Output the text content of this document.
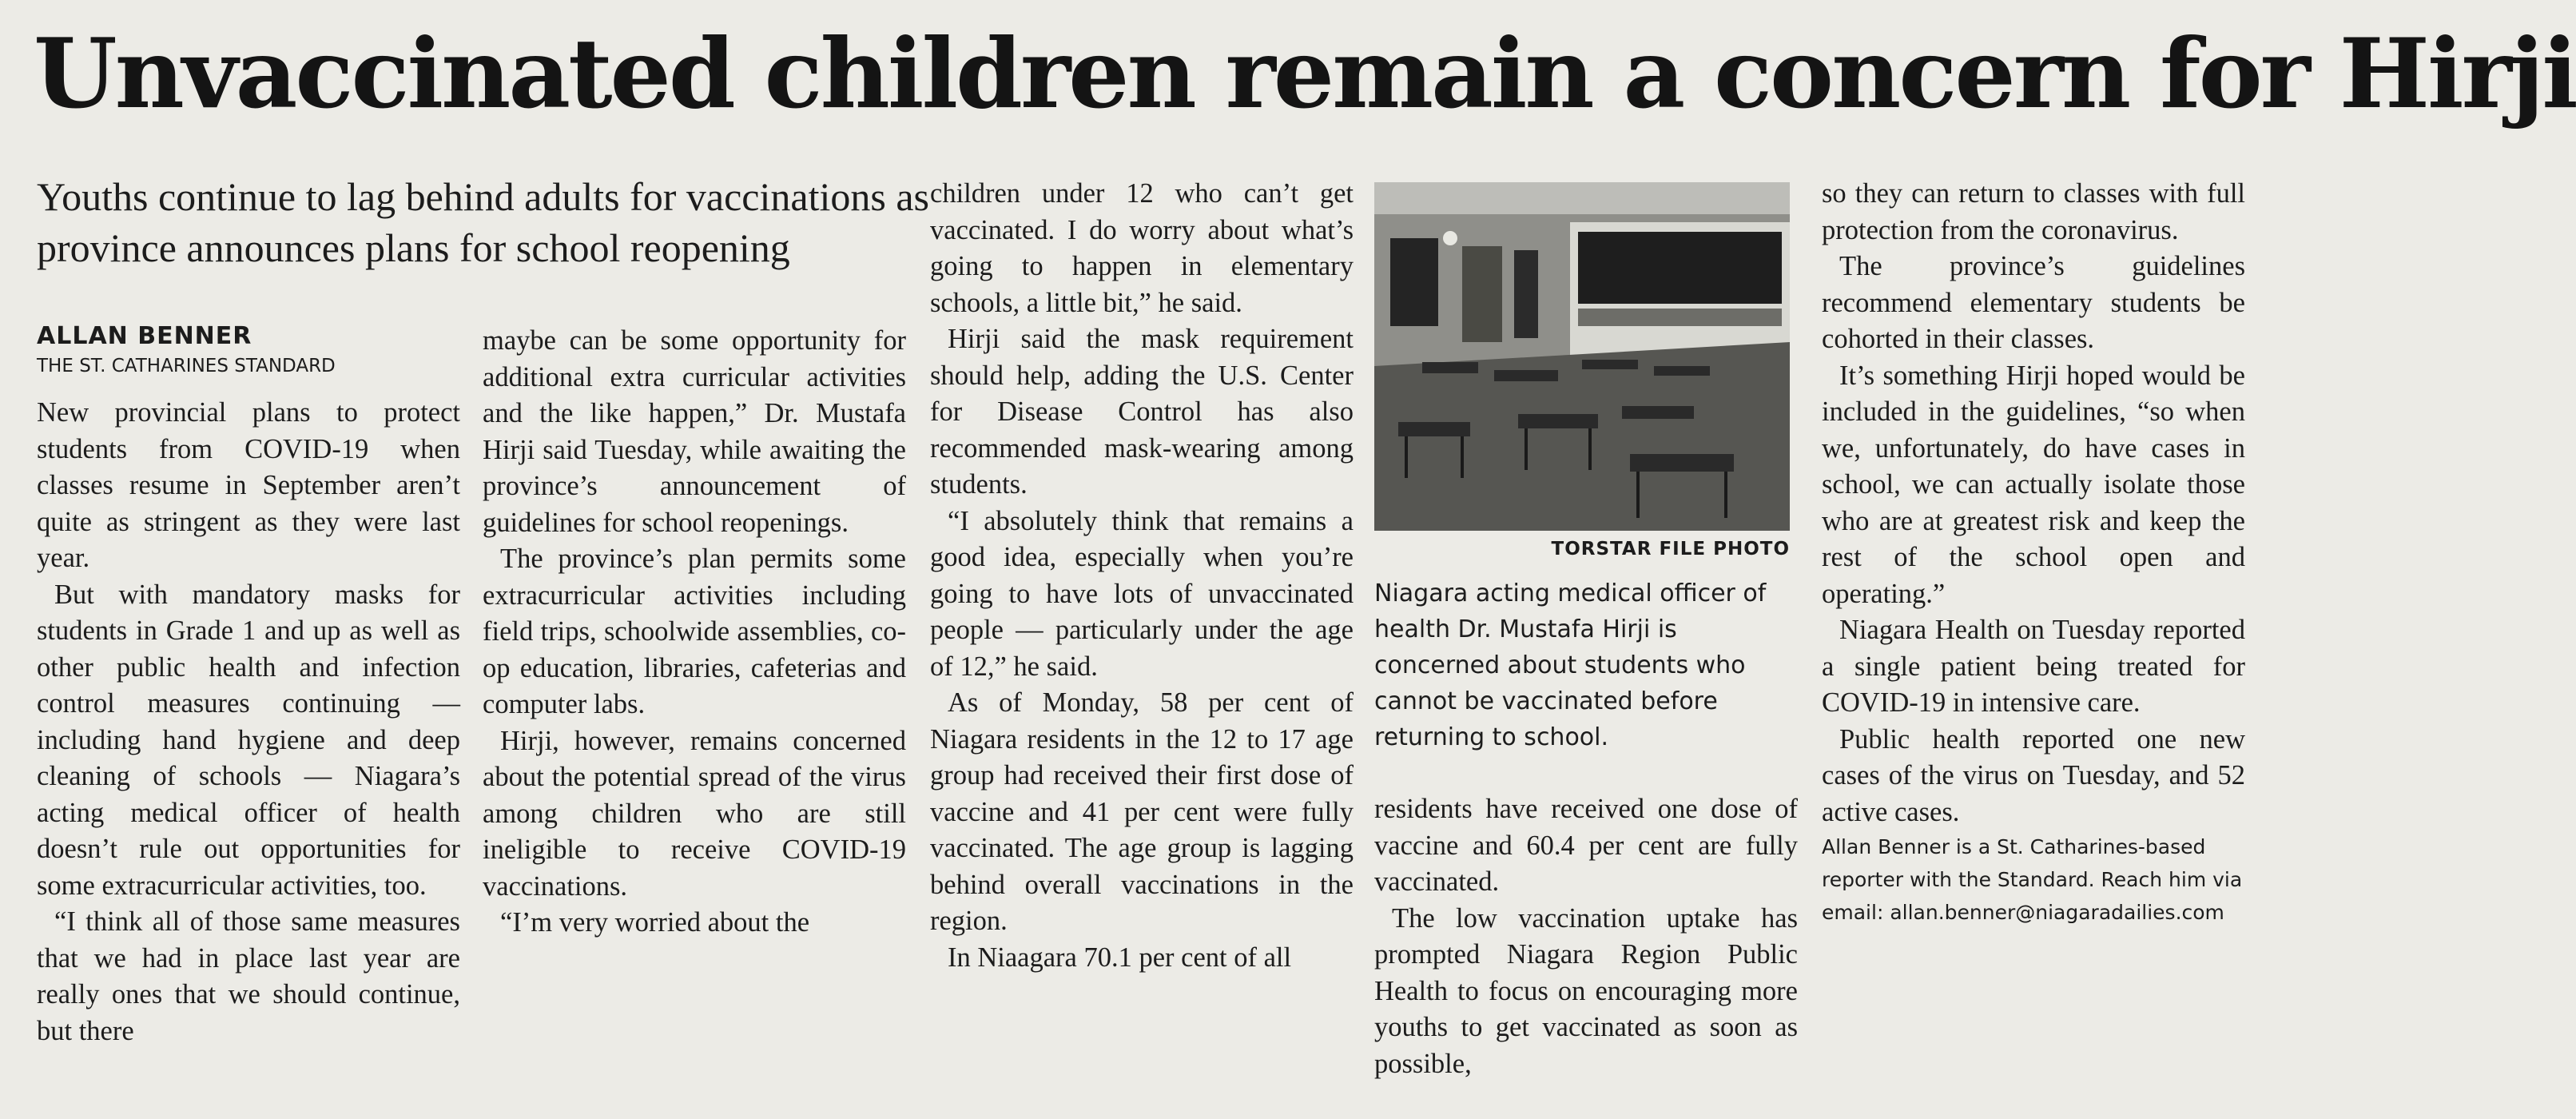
Unvaccinated children remain a concern for Hirji
Youths continue to lag behind adults for vaccinations as province announces plans for school reopening
ALLAN BENNER
THE ST. CATHARINES STANDARD

New provincial plans to protect students from COVID-19 when classes resume in September aren’t quite as stringent as they were last year.

But with mandatory masks for students in Grade 1 and up as well as other public health and infection control measures continuing — including hand hygiene and deep cleaning of schools — Niagara’s acting medical officer of health doesn’t rule out opportunities for some extracurricular activities, too.

“I think all of those same measures that we had in place last year are really ones that we should continue, but there

maybe can be some opportunity for additional extra curricular activities and the like happen,” Dr. Mustafa Hirji said Tuesday, while awaiting the province’s announcement of guidelines for school reopenings.

The province’s plan permits some extracurricular activities including field trips, schoolwide assemblies, co-op education, libraries, cafeterias and computer labs.

Hirji, however, remains concerned about the potential spread of the virus among children who are still ineligible to receive COVID-19 vaccinations.

“I’m very worried about the

children under 12 who can’t get vaccinated. I do worry about what’s going to happen in elementary schools, a little bit,” he said.

Hirji said the mask requirement should help, adding the U.S. Center for Disease Control has also recommended mask-wearing among students.

“I absolutely think that remains a good idea, especially when you’re going to have lots of unvaccinated people — particularly under the age of 12,” he said.

As of Monday, 58 per cent of Niagara residents in the 12 to 17 age group had received their first dose of vaccine and 41 per cent were fully vaccinated. The age group is lagging behind overall vaccinations in the region.

In Niaagara 70.1 per cent of all

TORSTAR FILE PHOTO
Niagara acting medical officer of health Dr. Mustafa Hirji is concerned about students who cannot be vaccinated before returning to school.

residents have received one dose of vaccine and 60.4 per cent are fully vaccinated.

The low vaccination uptake has prompted Niagara Region Public Health to focus on encouraging more youths to get vaccinated as soon as possible,

so they can return to classes with full protection from the coronavirus.

The province’s guidelines recommend elementary students be cohorted in their classes.

It’s something Hirji hoped would be included in the guidelines, “so when we, unfortunately, do have cases in school, we can actually isolate those who are at greatest risk and keep the rest of the school open and operating.”

Niagara Health on Tuesday reported a single patient being treated for COVID-19 in intensive care.

Public health reported one new cases of the virus on Tuesday, and 52 active cases.

Allan Benner is a St. Catharines-based reporter with the Standard. Reach him via email: allan.benner@niagaradailies.com
